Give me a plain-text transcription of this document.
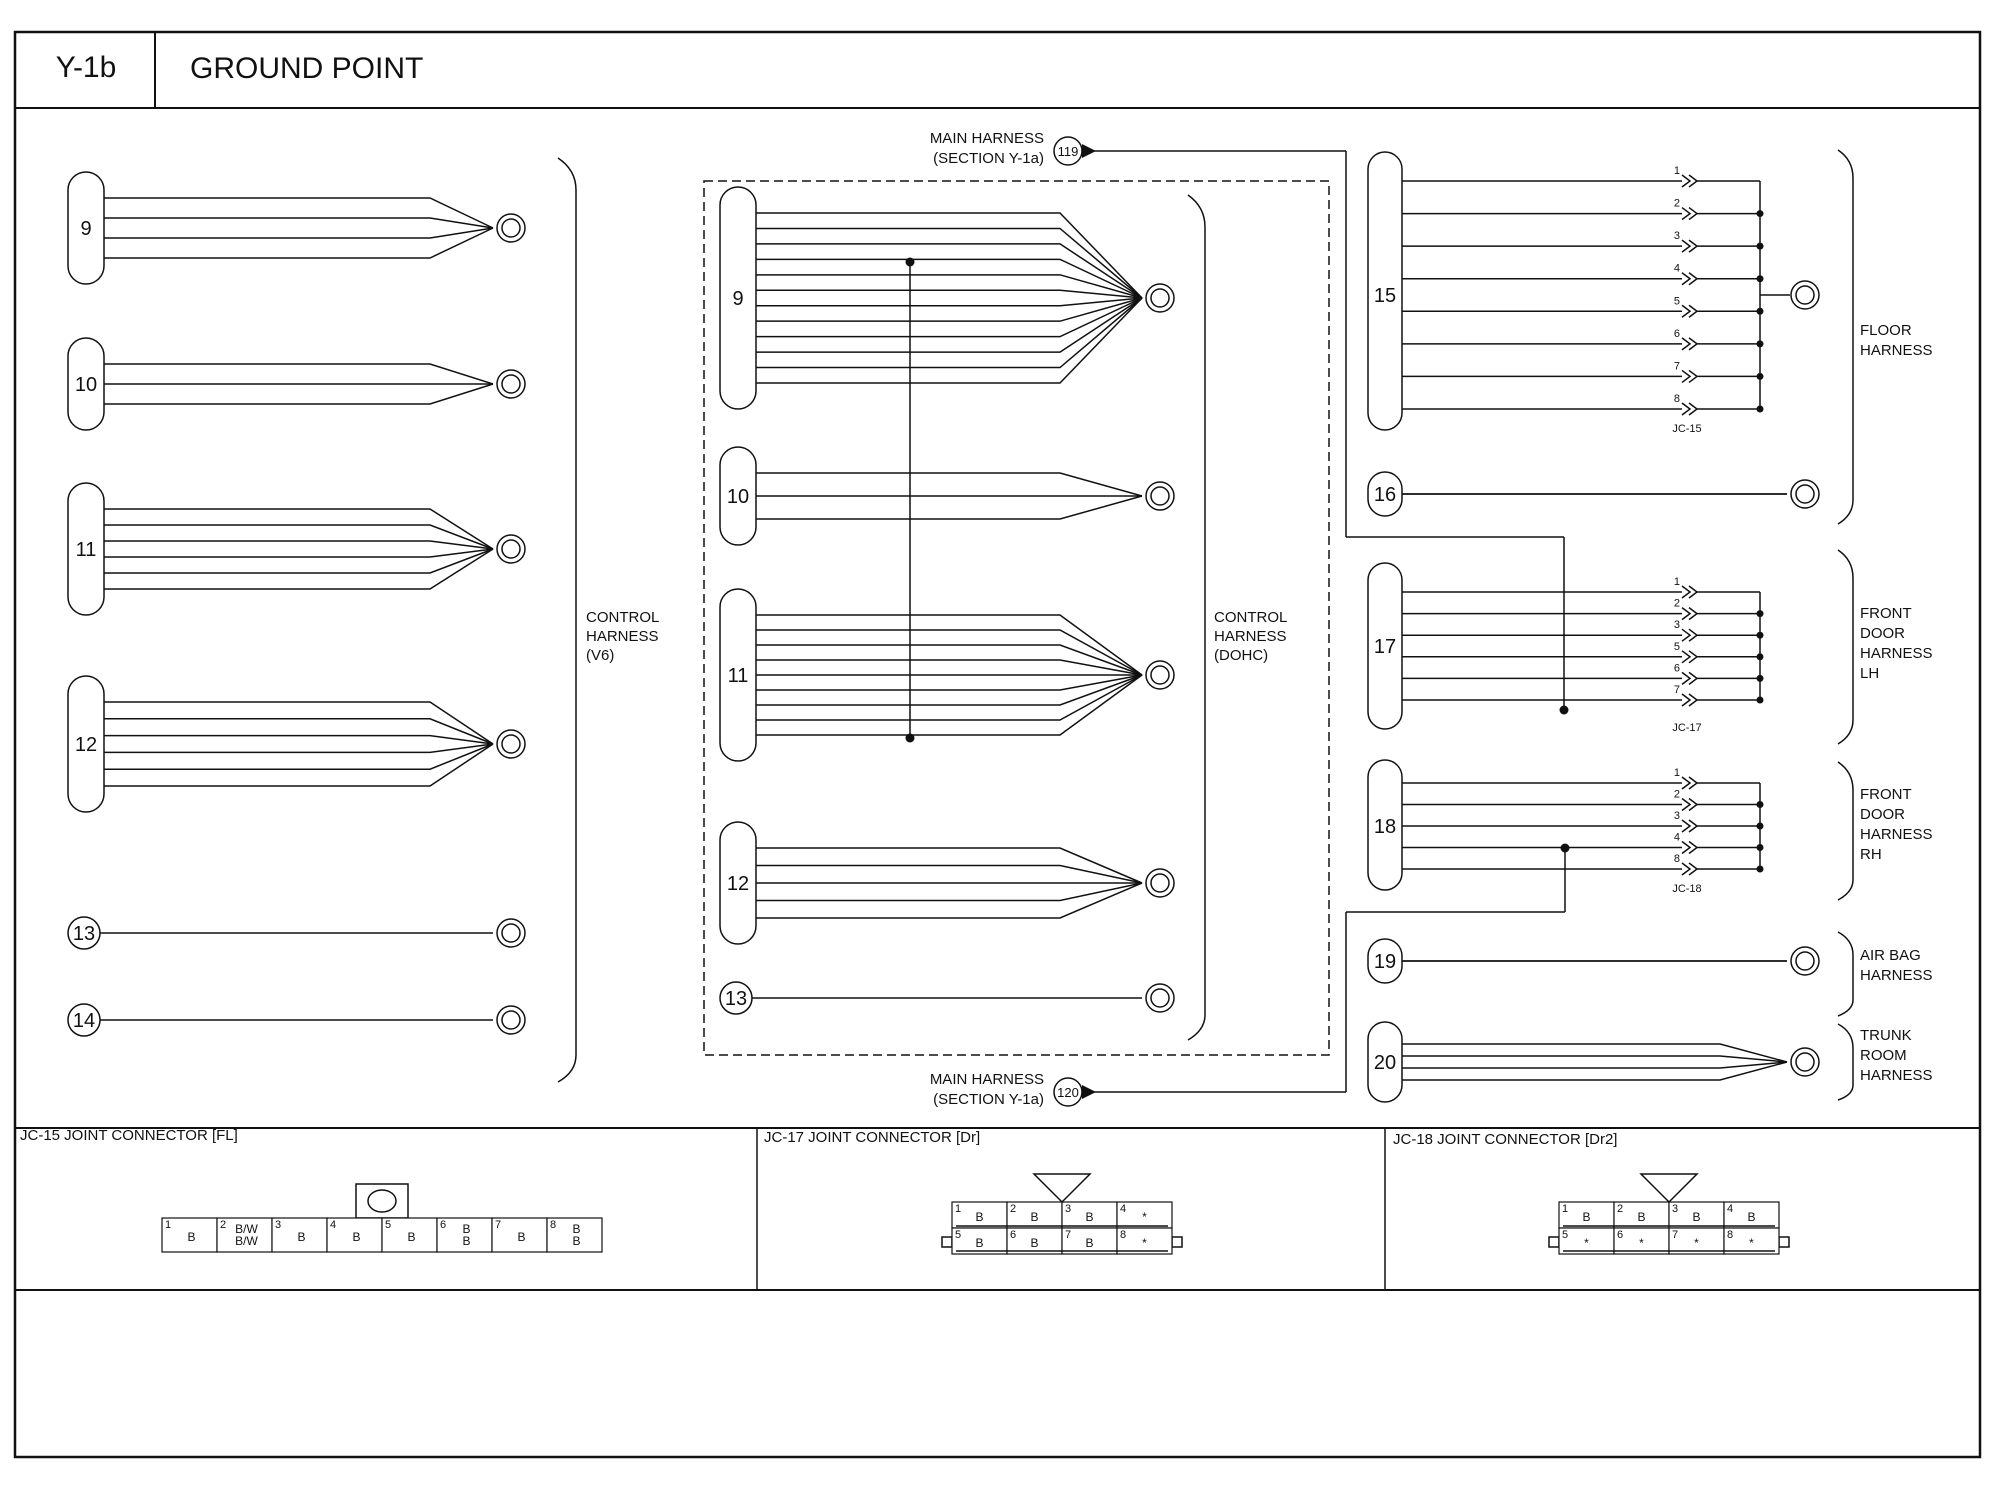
Y-1b GROUND POINT
MAIN HARNESS
(SECTION Y-1a) 119
MAIN HARNESS
(SECTION Y-1a) 120
CONTROL
HARNESS
(V6)
CONTROL
HARNESS
(DOHC)
FLOOR
HARNESS
FRONT
DOOR
HARNESS
LH
FRONT
DOOR
HARNESS
RH
AIR BAG
HARNESS
TRUNK
ROOM
HARNESS
9
10
11
12
13
14
9
10
11
12
13
1
2
3
4
5
6
7
8
JC-15
15
16
1
2
3
5
6
7
JC-17
17
1
2
3
4
8
JC-18
18
19
20
JC-15 JOINT CONNECTOR [FL]
1
B
2 B/W
B/W
3
B
4
B
5
B
6 B
B
7
B
8 B
B
JC-17 JOINT CONNECTOR [Dr]
1
B
2
B
3
B
4
*
5
B
6
B
7
B
8
*
JC-18 JOINT CONNECTOR [Dr2]
1
B
2
B
3
B
4
B
5
*
6
*
7
*
8
*
